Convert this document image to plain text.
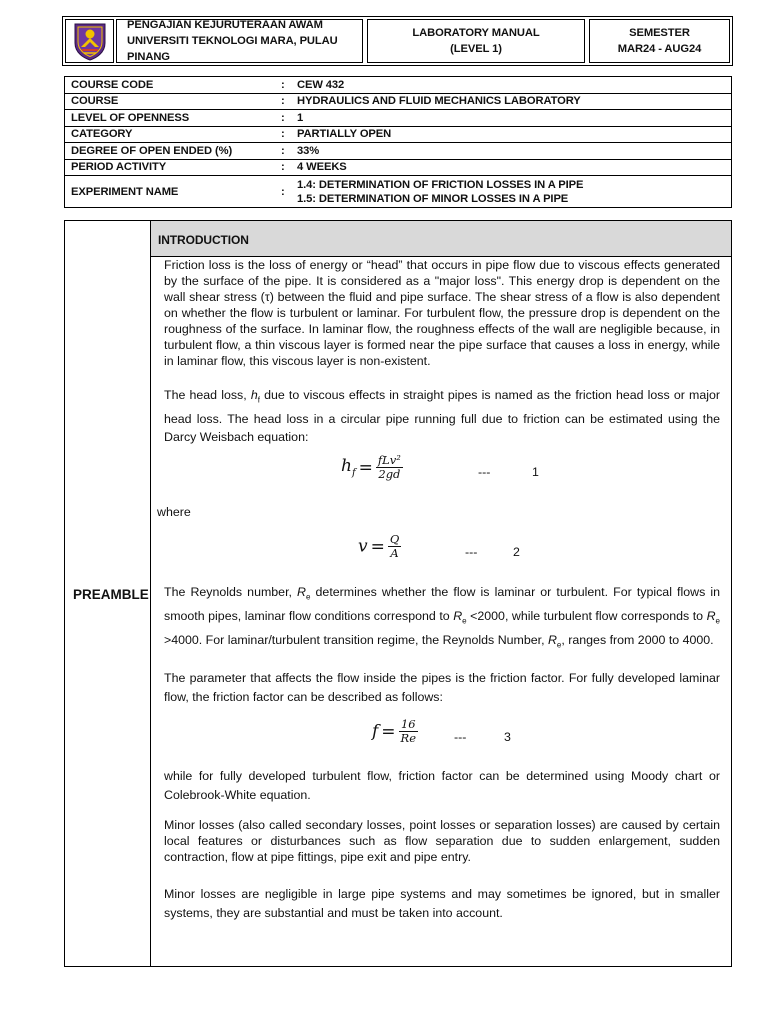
PENGAJIAN KEJURUTERAAN AWAM
UNIVERSITI TEKNOLOGI MARA, PULAU PINANG
LABORATORY MANUAL
(LEVEL 1)
SEMESTER
MAR24 - AUG24
COURSE CODE	:	CEW 432
COURSE	:	HYDRAULICS AND FLUID MECHANICS LABORATORY
LEVEL OF OPENNESS	:	1
CATEGORY	:	PARTIALLY OPEN
DEGREE OF OPEN ENDED (%)	:	33%
PERIOD ACTIVITY	:	4 WEEKS
EXPERIMENT NAME	:	1.4: DETERMINATION OF FRICTION LOSSES IN A PIPE
1.5: DETERMINATION OF MINOR LOSSES IN A PIPE
PREAMBLE
INTRODUCTION

Friction loss is the loss of energy or “head” that occurs in pipe flow due to viscous effects generated by the surface of the pipe. It is considered as a "major loss". This energy drop is dependent on the wall shear stress (τ) between the fluid and pipe surface. The shear stress of a flow is also dependent on whether the flow is turbulent or laminar. For turbulent flow, the pressure drop is dependent on the roughness of the surface. In laminar flow, the roughness effects of the wall are negligible because, in turbulent flow, a thin viscous layer is formed near the pipe surface that causes a loss in energy, while in laminar flow, this viscous layer is non-existent.

The head loss, $h_f$ due to viscous effects in straight pipes is named as the friction head loss or major head loss. The head loss in a circular pipe running full due to friction can be estimated using the Darcy Weisbach equation:

$h_f = \frac{\text{fLv²}}{2gd}$	---	1
where
$v = \frac{Q}{A}$	---	2

The Reynolds number, $R_e$ determines whether the flow is laminar or turbulent. For typical flows in smooth pipes, laminar flow conditions correspond to $R_e <2000$, while turbulent flow corresponds to $R_e >4000$. For laminar/turbulent transition regime, the Reynolds Number, $R_e$, ranges from 2000 to 4000.

The parameter that affects the flow inside the pipes is the friction factor. For fully developed laminar flow, the friction factor can be described as follows:

$f = \frac{16}{Re}$	---	3

while for fully developed turbulent flow, friction factor can be determined using Moody chart or Colebrook-White equation.

Minor losses (also called secondary losses, point losses or separation losses) are caused by certain local features or disturbances such as flow separation due to sudden enlargement, sudden contraction, flow at pipe fittings, pipe exit and pipe entry.

Minor losses are negligible in large pipe systems and may sometimes be ignored, but in smaller systems, they are substantial and must be taken into account.
